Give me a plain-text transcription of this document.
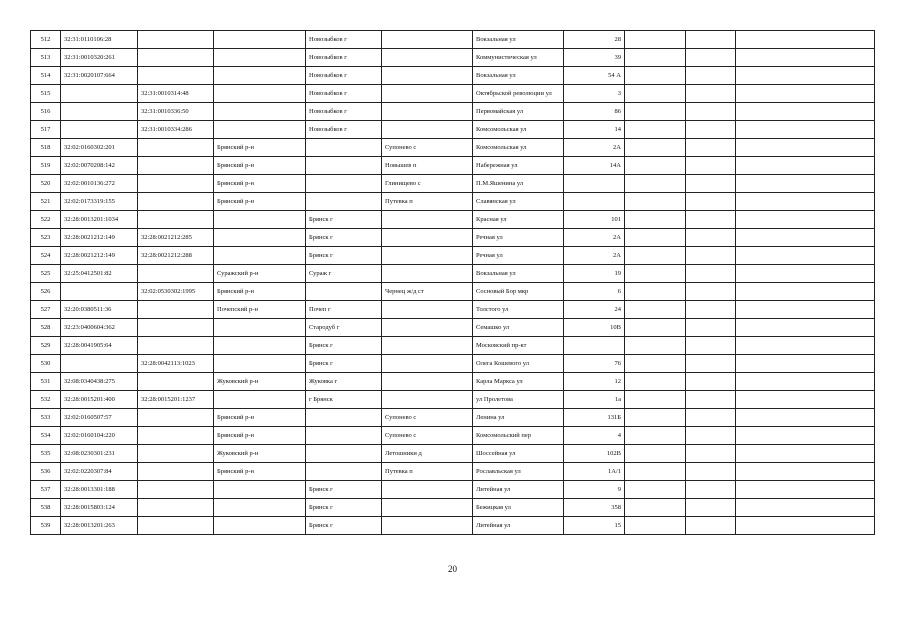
512	32:31:0110106:28			Новозыбков г		Вокзальная ул	28			
513	32:31:0010320:261			Новозыбков г		Коммунистическая ул	39			
514	32:31:0020107:664			Новозыбков г		Вокзальная ул	54 А			
515		32:31:0010314:48		Новозыбков г		Октябрьской революции ул	3			
516		32:31:0010336:50		Новозыбков г		Первомайская ул	86			
517		32:31:0010334:286		Новозыбков г		Комсомольская ул	14			
518	32:02:0160302:201		Брянский р-н		Супонево с	Комсомольская ул	2А			
519	32:02:0070208:142		Брянский р-н		Новышев п	Набережная ул	14А			
520	32:02:0010136:272		Брянский р-н		Глинищево с	П.М.Яшенина ул				
521	32:02:0173319:155		Брянский р-н		Путевка п	Славянская ул				
522	32:28:0013201:1034			Брянск г		Красная ул	101			
523	32:28:0021212:149	32:28:0021212:285		Брянск г		Речная ул	2А			
524	32:28:0021212:149	32:28:0021212:288		Брянск г		Речная ул	2А			
525	32:25:0412501:82		Суражский р-н	Сураж г		Вокзальная ул	19			
526		32:02:0530302:1995	Брянский р-н		Чернец ж/д ст	Сосновый Бор мкр	6			
527	32:20:0380511:36		Почепский р-н	Почеп г		Толстого ул	24			
528	32:23:0400604:362			Стародуб г		Семашко ул	10В			
529	32:28:0041905:64			Брянск г		Московский пр-кт				
530		32:28:0042113:1023		Брянск г		Олега Кошевого ул	76			
531	32:08:0340438:275		Жуковский р-н	Жуковка г		Карла Маркса ул	12			
532	32:28:0015201:400	32:28:0015201:1237		г Брянск		ул Пролетова	1а			
533	32:02:0160507:57		Брянский р-н		Супонево с	Ленина ул	131Б			
534	32:02:0160104:220		Брянский р-н		Супонево с	Комсомольский пер	4			
535	32:08:0230301:231		Жуковский р-н		Летошники д	Шоссейная ул	102В			
536	32:02:0220307:84		Брянский р-н		Путевка п	Рославльская ул	1А/1			
537	32:28:0013301:188			Брянск г		Литейная ул	9			
538	32:28:0015803:124			Брянск г		Бежицкая ул	358			
539	32:28:0013201:263			Брянск г		Литейная ул	15			
20
